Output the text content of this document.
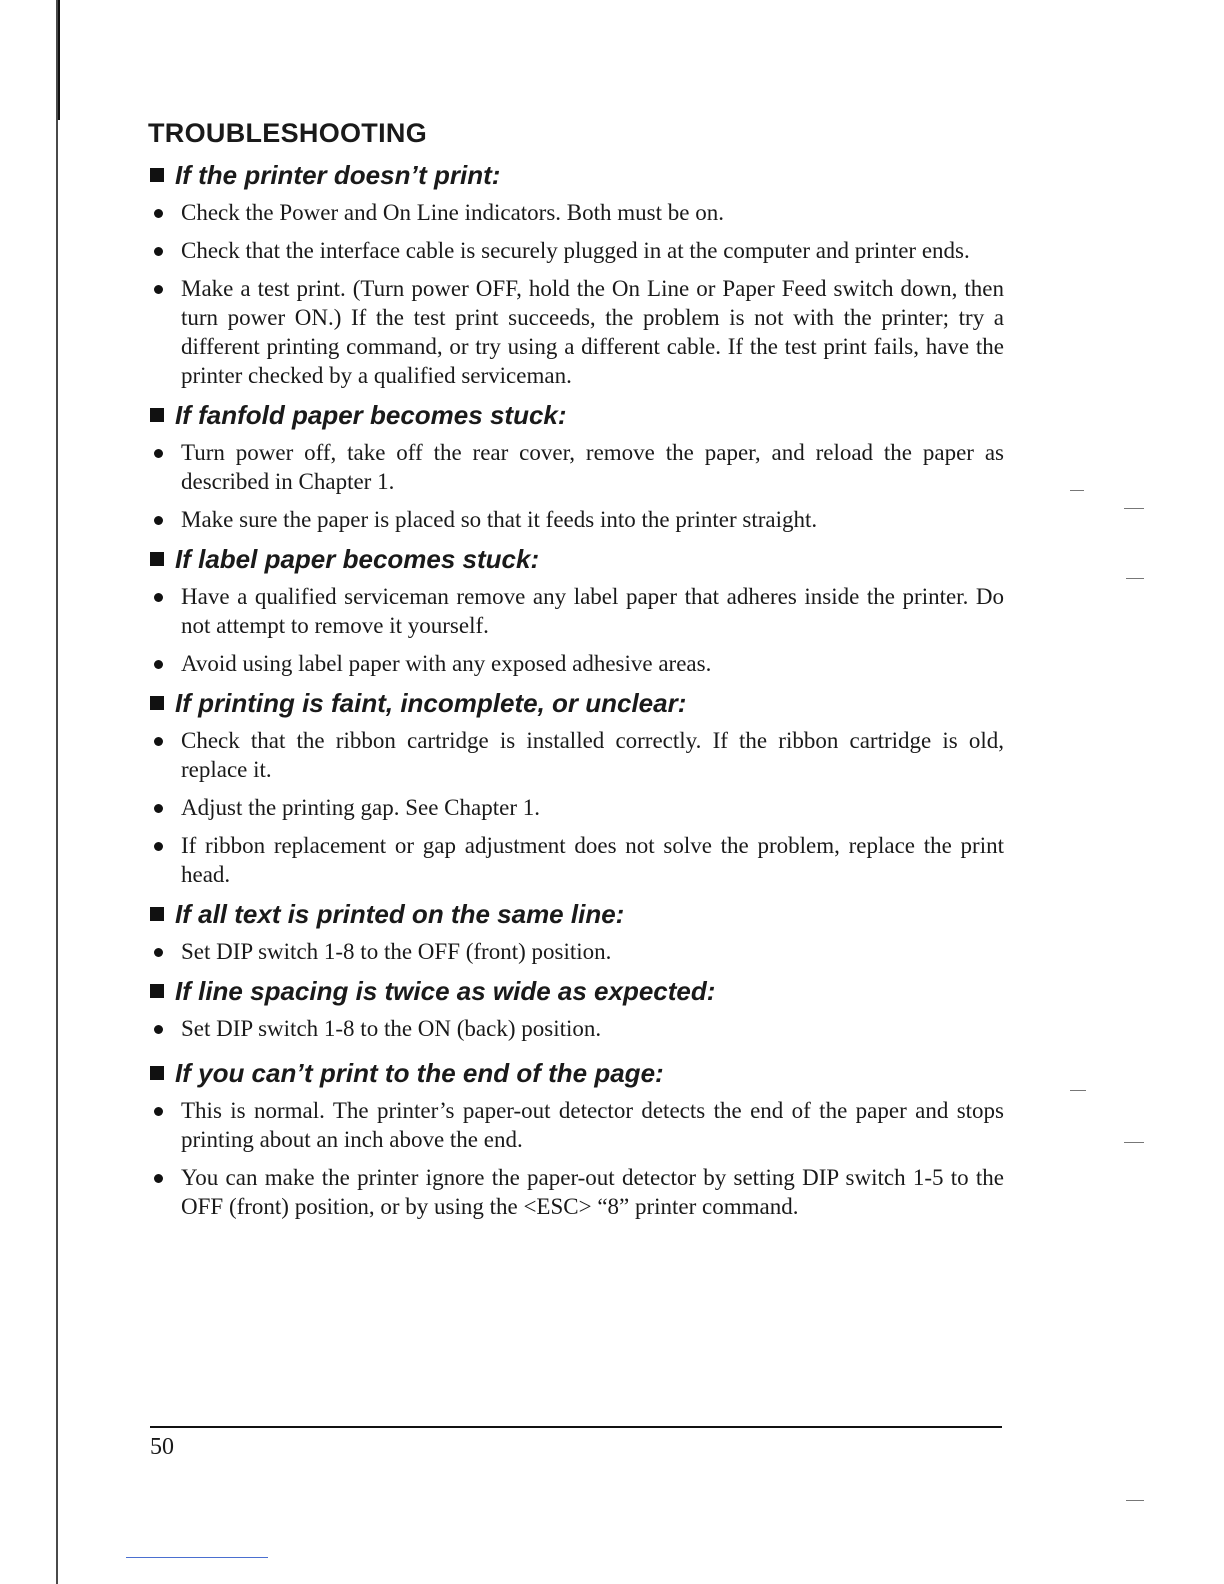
TROUBLESHOOTING
If the printer doesn’t print:
Check the Power and On Line indicators. Both must be on.
Check that the interface cable is securely plugged in at the computer and printer ends.
Make a test print. (Turn power OFF, hold the On Line or Paper Feed switch down, then turn power ON.) If the test print succeeds, the problem is not with the printer; try a different printing command, or try using a different cable. If the test print fails, have the printer checked by a qualified serviceman.
If fanfold paper becomes stuck:
Turn power off, take off the rear cover, remove the paper, and reload the paper as described in Chapter 1.
Make sure the paper is placed so that it feeds into the printer straight.
If label paper becomes stuck:
Have a qualified serviceman remove any label paper that adheres inside the printer. Do not attempt to remove it yourself.
Avoid using label paper with any exposed adhesive areas.
If printing is faint, incomplete, or unclear:
Check that the ribbon cartridge is installed correctly. If the ribbon cartridge is old, replace it.
Adjust the printing gap. See Chapter 1.
If ribbon replacement or gap adjustment does not solve the problem, replace the print head.
If all text is printed on the same line:
Set DIP switch 1-8 to the OFF (front) position.
If line spacing is twice as wide as expected:
Set DIP switch 1-8 to the ON (back) position.
If you can’t print to the end of the page:
This is normal. The printer’s paper-out detector detects the end of the paper and stops printing about an inch above the end.
You can make the printer ignore the paper-out detector by setting DIP switch 1-5 to the OFF (front) position, or by using the <ESC> “8” printer command.
50
